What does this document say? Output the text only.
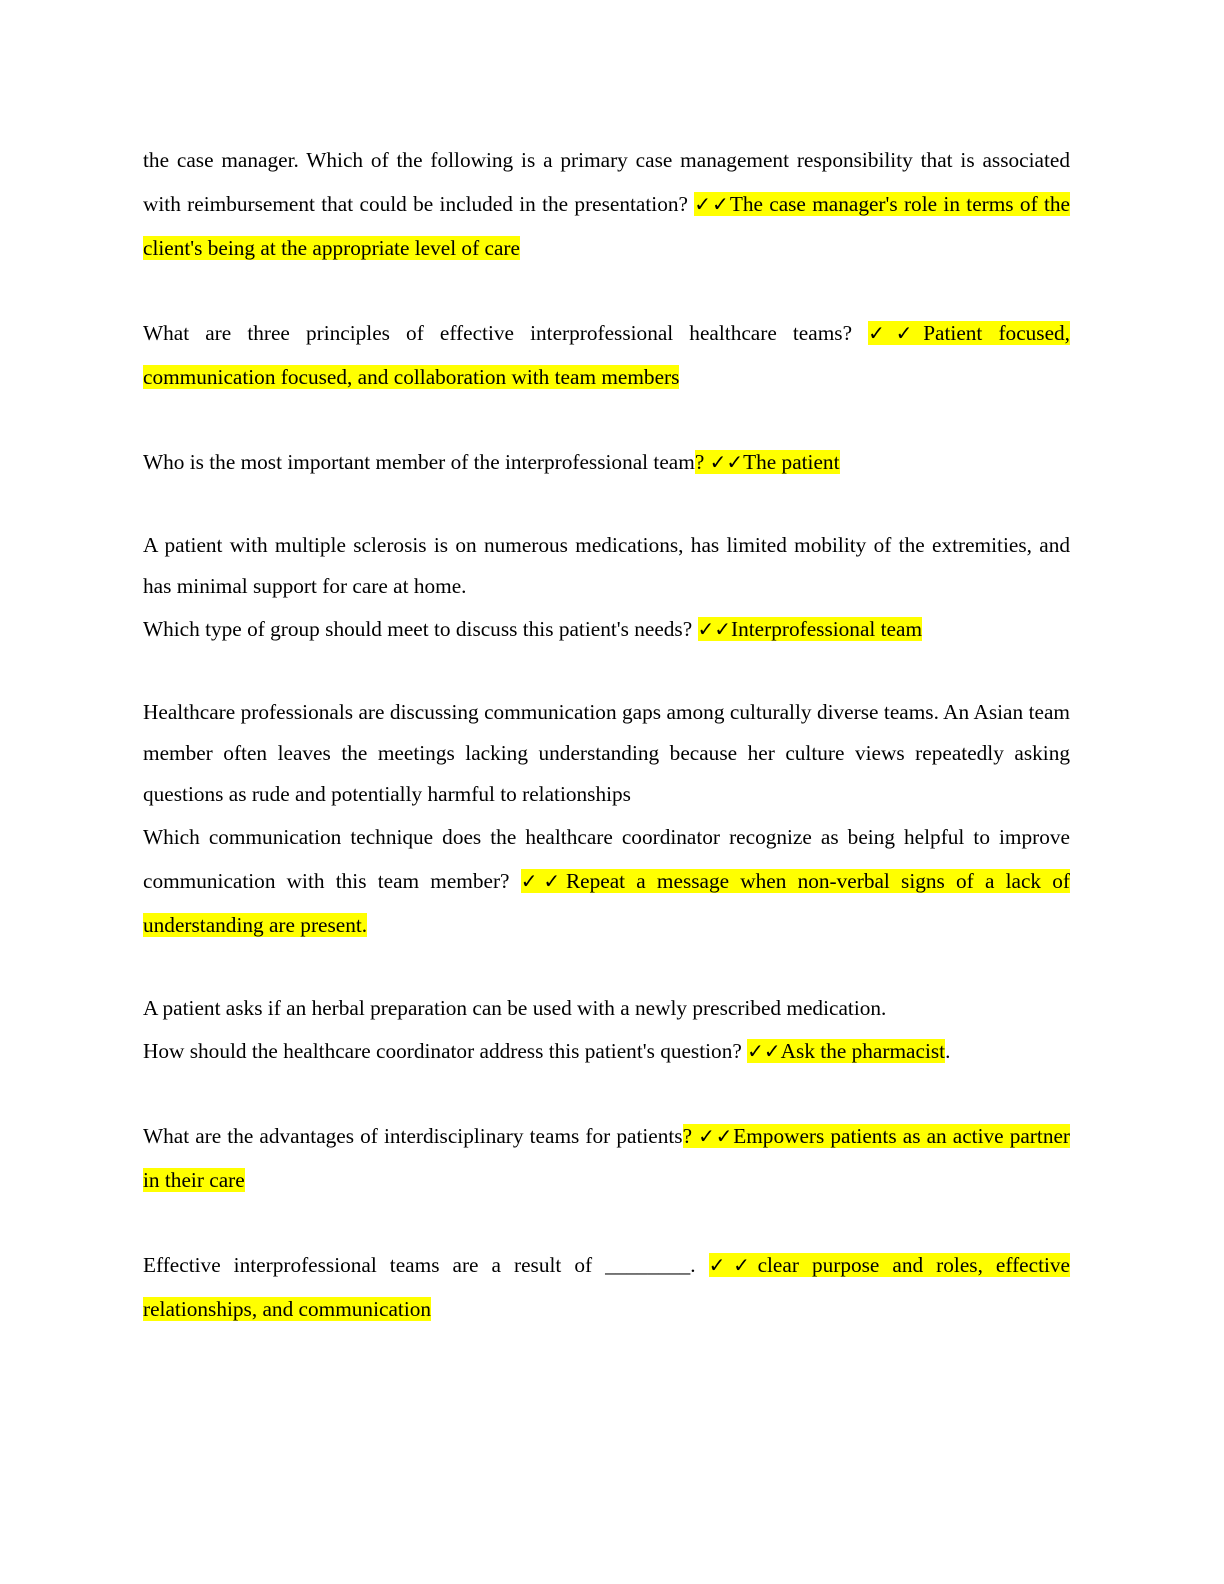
the case manager. Which of the following is a primary case management responsibility that is associated with reimbursement that could be included in the presentation? ✓✓The case manager's role in terms of the client's being at the appropriate level of care

What are three principles of effective interprofessional healthcare teams? ✓✓Patient focused, communication focused, and collaboration with team members

Who is the most important member of the interprofessional team? ✓✓The patient

A patient with multiple sclerosis is on numerous medications, has limited mobility of the extremities, and has minimal support for care at home.

Which type of group should meet to discuss this patient's needs? ✓✓Interprofessional team

Healthcare professionals are discussing communication gaps among culturally diverse teams. An Asian team member often leaves the meetings lacking understanding because her culture views repeatedly asking questions as rude and potentially harmful to relationships

Which communication technique does the healthcare coordinator recognize as being helpful to improve communication with this team member? ✓✓Repeat a message when non-verbal signs of a lack of understanding are present.

A patient asks if an herbal preparation can be used with a newly prescribed medication.

How should the healthcare coordinator address this patient's question? ✓✓Ask the pharmacist.

What are the advantages of interdisciplinary teams for patients? ✓✓Empowers patients as an active partner in their care

Effective interprofessional teams are a result of ________. ✓✓clear purpose and roles, effective relationships, and communication
